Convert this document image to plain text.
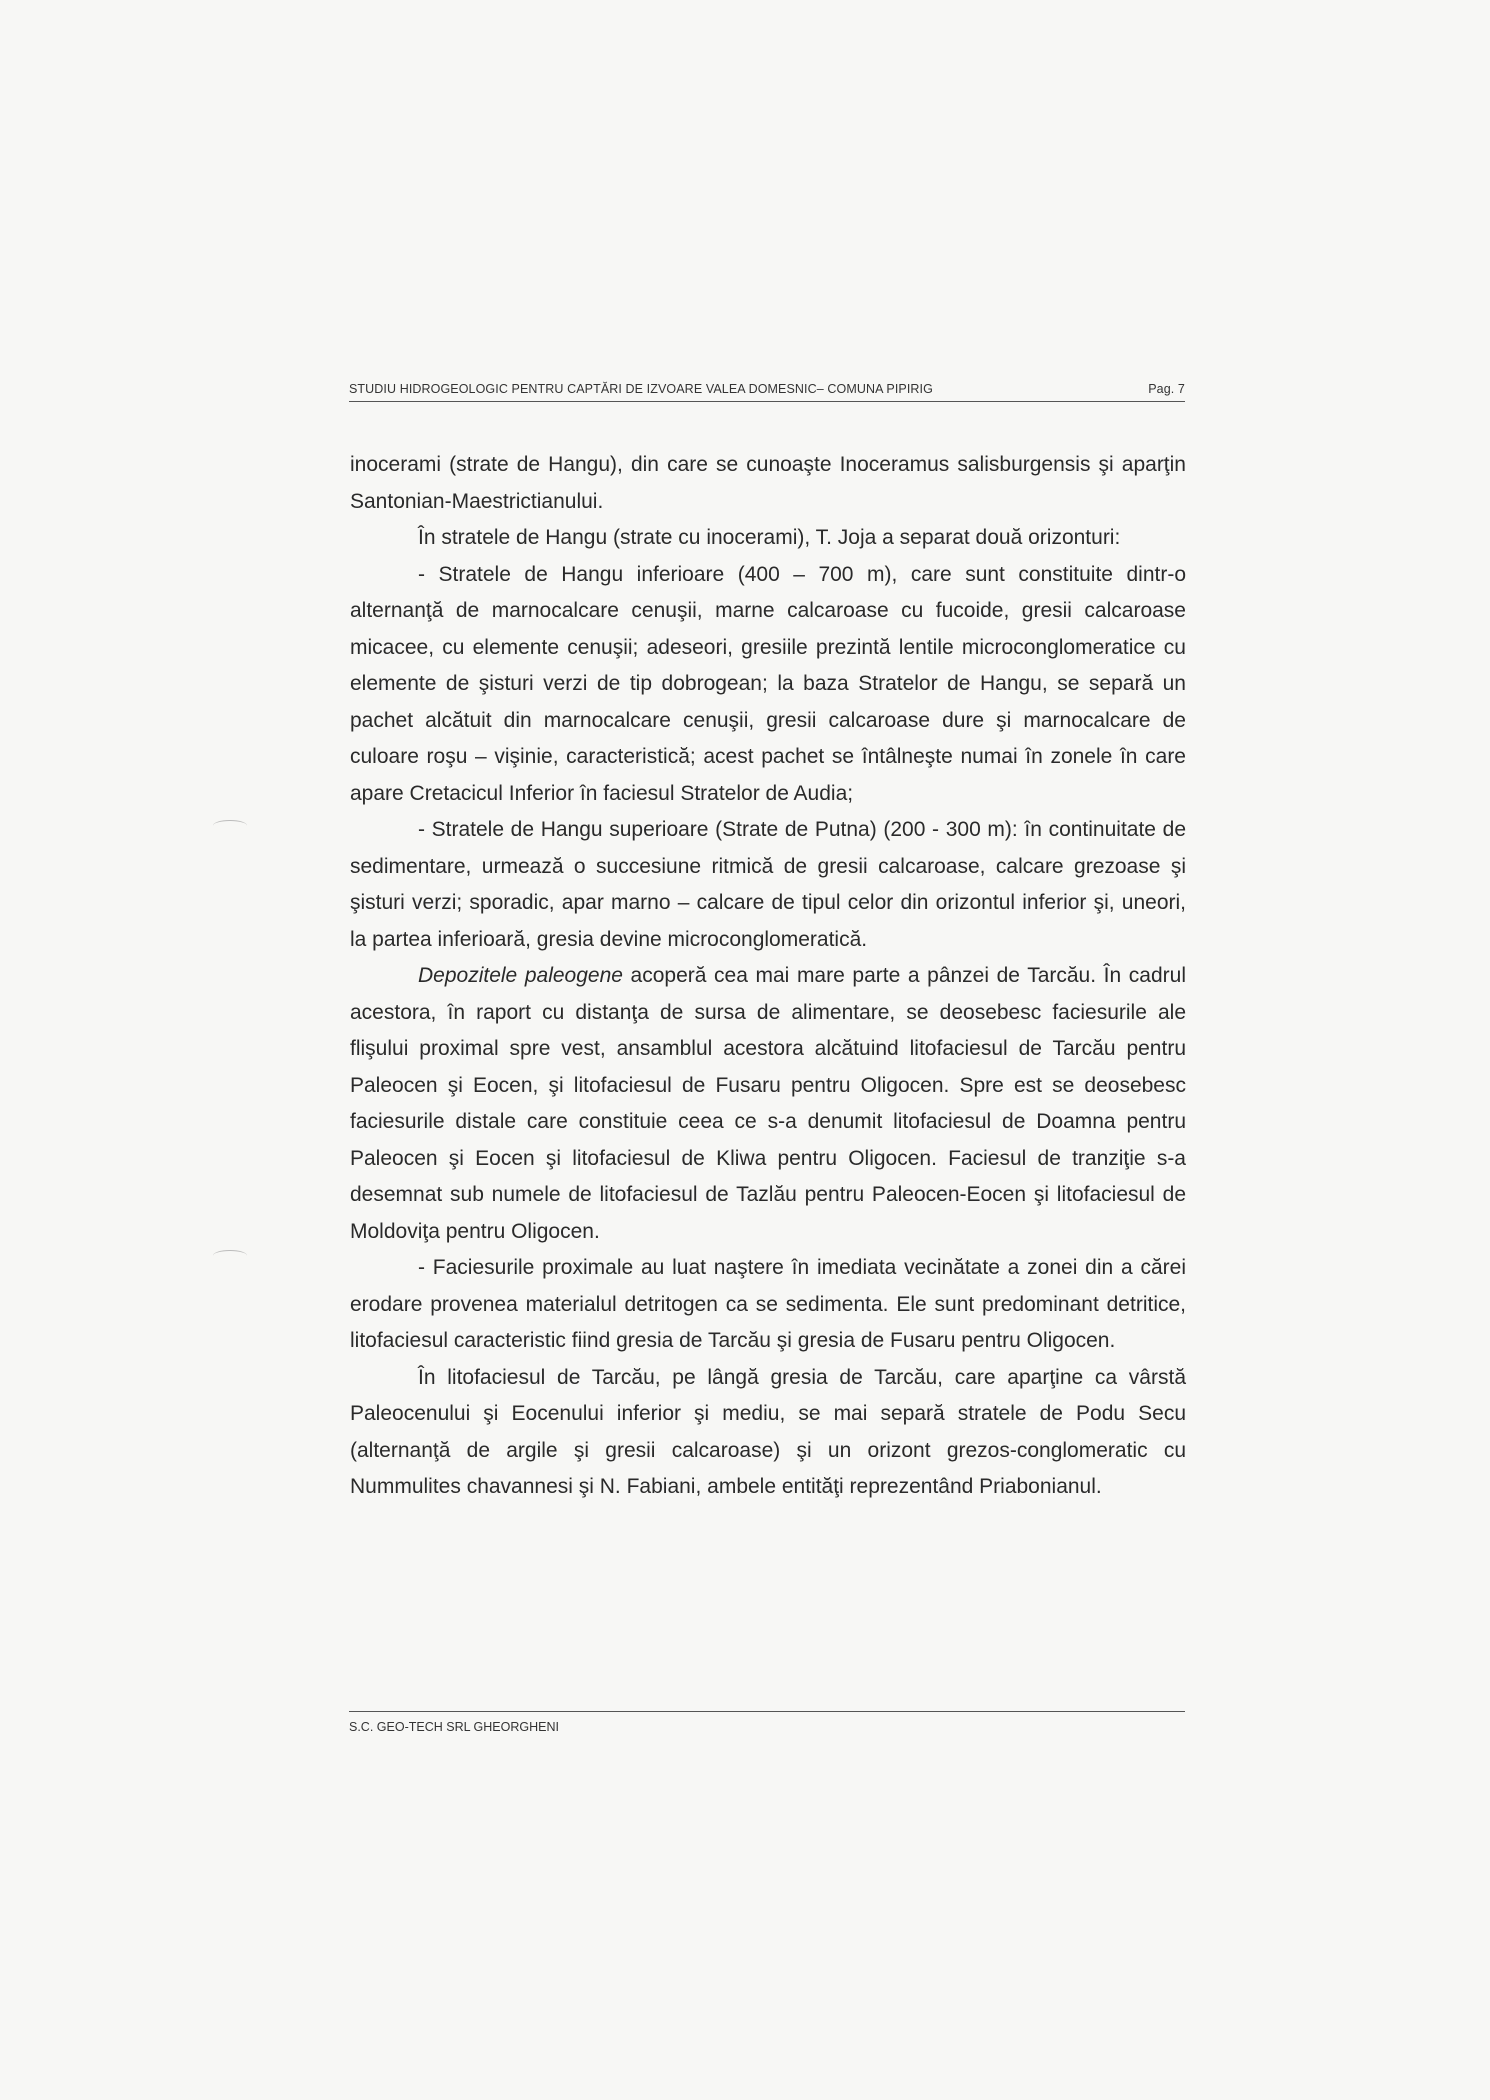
STUDIU HIDROGEOLOGIC PENTRU CAPTĂRI DE IZVOARE VALEA DOMESNIC– COMUNA PIPIRIG	Pag. 7

inocerami (strate de Hangu), din care se cunoaşte Inoceramus salisburgensis şi aparţin Santonian-Maestrictianului.

În stratele de Hangu (strate cu inocerami), T. Joja a separat două orizonturi:

- Stratele de Hangu inferioare (400 – 700 m), care sunt constituite dintr-o alternanţă de marnocalcare cenuşii, marne calcaroase cu fucoide, gresii calcaroase micacee, cu elemente cenuşii; adeseori, gresiile prezintă lentile microconglomeratice cu elemente de şisturi verzi de tip dobrogean; la baza Stratelor de Hangu, se separă un pachet alcătuit din marnocalcare cenuşii, gresii calcaroase dure şi marnocalcare de culoare roşu – vişinie, caracteristică; acest pachet se întâlneşte numai în zonele în care apare Cretacicul Inferior în faciesul Stratelor de Audia;

- Stratele de Hangu superioare (Strate de Putna) (200 - 300 m): în continuitate de sedimentare, urmează o succesiune ritmică de gresii calcaroase, calcare grezoase şi şisturi verzi; sporadic, apar marno – calcare de tipul celor din orizontul inferior şi, uneori, la partea inferioară, gresia devine microconglomeratică.

Depozitele paleogene acoperă cea mai mare parte a pânzei de Tarcău. În cadrul acestora, în raport cu distanţa de sursa de alimentare, se deosebesc faciesurile ale flişului proximal spre vest, ansamblul acestora alcătuind litofaciesul de Tarcău pentru Paleocen şi Eocen, şi litofaciesul de Fusaru pentru Oligocen. Spre est se deosebesc faciesurile distale care constituie ceea ce s-a denumit litofaciesul de Doamna pentru Paleocen şi Eocen şi litofaciesul de Kliwa pentru Oligocen. Faciesul de tranziţie s-a desemnat sub numele de litofaciesul de Tazlău pentru Paleocen-Eocen şi litofaciesul de Moldoviţa pentru Oligocen.

- Faciesurile proximale au luat naştere în imediata vecinătate a zonei din a cărei erodare provenea materialul detritogen ca se sedimenta. Ele sunt predominant detritice, litofaciesul caracteristic fiind gresia de Tarcău şi gresia de Fusaru pentru Oligocen.

În litofaciesul de Tarcău, pe lângă gresia de Tarcău, care aparţine ca vârstă Paleocenului şi Eocenului inferior şi mediu, se mai separă stratele de Podu Secu (alternanţă de argile şi gresii calcaroase) şi un orizont grezos-conglomeratic cu Nummulites chavannesi şi N. Fabiani, ambele entităţi reprezentând Priabonianul.

S.C. GEO-TECH SRL GHEORGHENI
